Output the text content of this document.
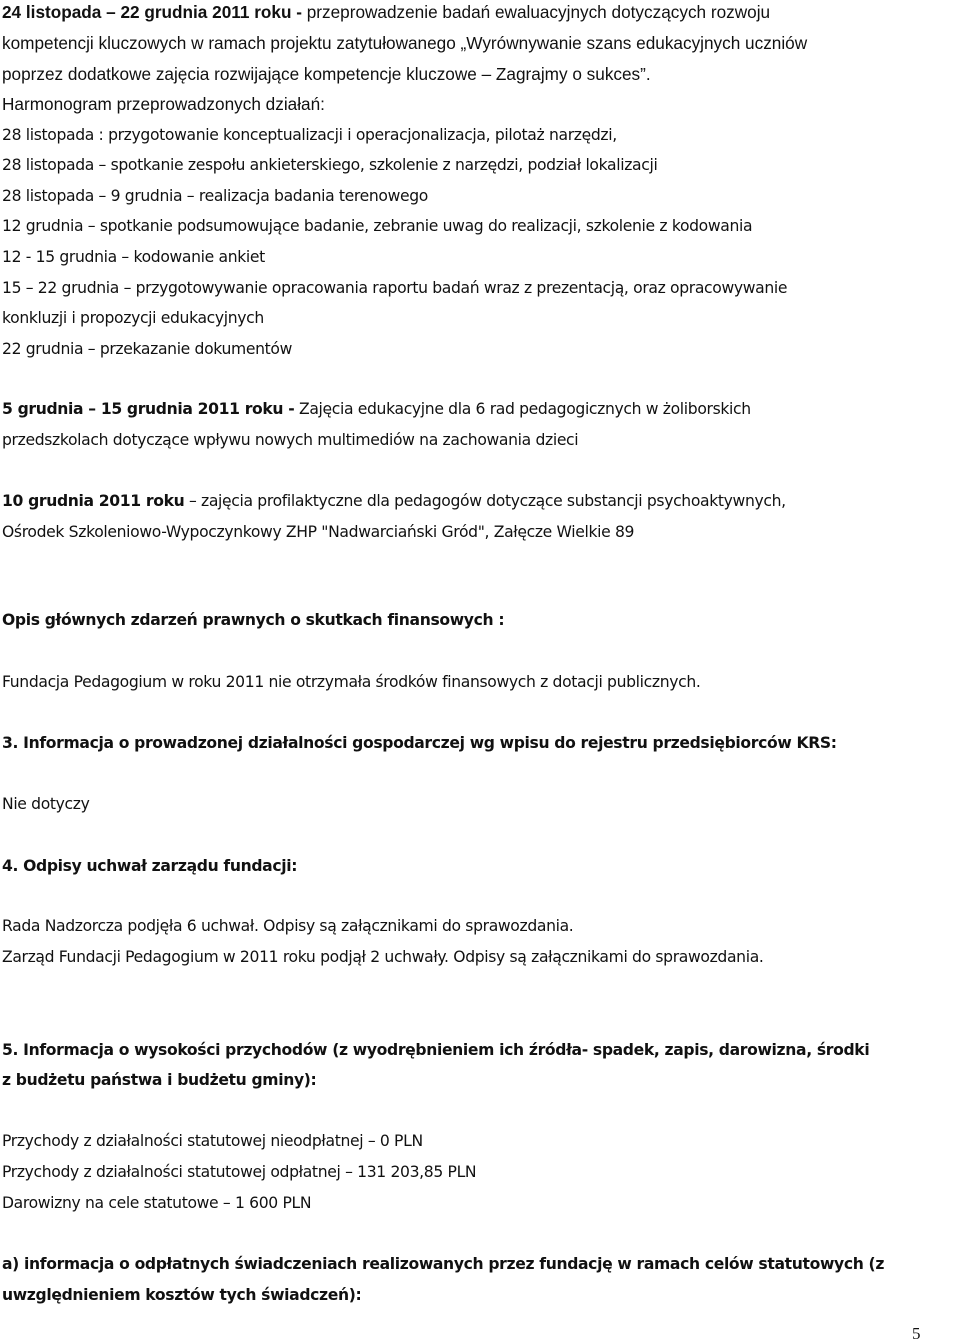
24 listopada – 22 grudnia 2011 roku - przeprowadzenie badań ewaluacyjnych dotyczących rozwoju
kompetencji kluczowych w ramach projektu zatytułowanego „Wyrównywanie szans edukacyjnych uczniów
poprzez dodatkowe zajęcia rozwijające kompetencje kluczowe – Zagrajmy o sukces”.
Harmonogram przeprowadzonych działań:
28 listopada : przygotowanie konceptualizacji i operacjonalizacja, pilotaż narzędzi,
28 listopada – spotkanie zespołu ankieterskiego, szkolenie z narzędzi, podział lokalizacji
28 listopada – 9 grudnia – realizacja badania terenowego
12 grudnia – spotkanie podsumowujące badanie, zebranie uwag do realizacji, szkolenie z kodowania
12 - 15 grudnia – kodowanie ankiet
15 – 22 grudnia – przygotowywanie opracowania raportu badań wraz z prezentacją, oraz opracowywanie
konkluzji i propozycji edukacyjnych
22 grudnia – przekazanie dokumentów
5 grudnia – 15 grudnia 2011 roku - Zajęcia edukacyjne dla 6 rad pedagogicznych w żoliborskich
przedszkolach dotyczące wpływu nowych multimediów na zachowania dzieci
10 grudnia 2011 roku – zajęcia profilaktyczne dla pedagogów dotyczące substancji psychoaktywnych,
Ośrodek Szkoleniowo-Wypoczynkowy ZHP "Nadwarciański Gród", Załęcze Wielkie 89
Opis głównych zdarzeń prawnych o skutkach finansowych :
Fundacja Pedagogium w roku 2011 nie otrzymała środków finansowych z dotacji publicznych.
3. Informacja o prowadzonej działalności gospodarczej wg wpisu do rejestru przedsiębiorców KRS:
Nie dotyczy
4. Odpisy uchwał zarządu fundacji:
Rada Nadzorcza podjęła 6 uchwał. Odpisy są załącznikami do sprawozdania.
Zarząd Fundacji Pedagogium w 2011 roku podjął 2 uchwały. Odpisy są załącznikami do sprawozdania.
5. Informacja o wysokości przychodów (z wyodrębnieniem ich źródła- spadek, zapis, darowizna, środki
z budżetu państwa i budżetu gminy):
Przychody z działalności statutowej nieodpłatnej – 0 PLN
Przychody z działalności statutowej odpłatnej – 131 203,85 PLN
Darowizny na cele statutowe – 1 600 PLN
a) informacja o odpłatnych świadczeniach realizowanych przez fundację w ramach celów statutowych (z
uwzględnieniem kosztów tych świadczeń):
5
